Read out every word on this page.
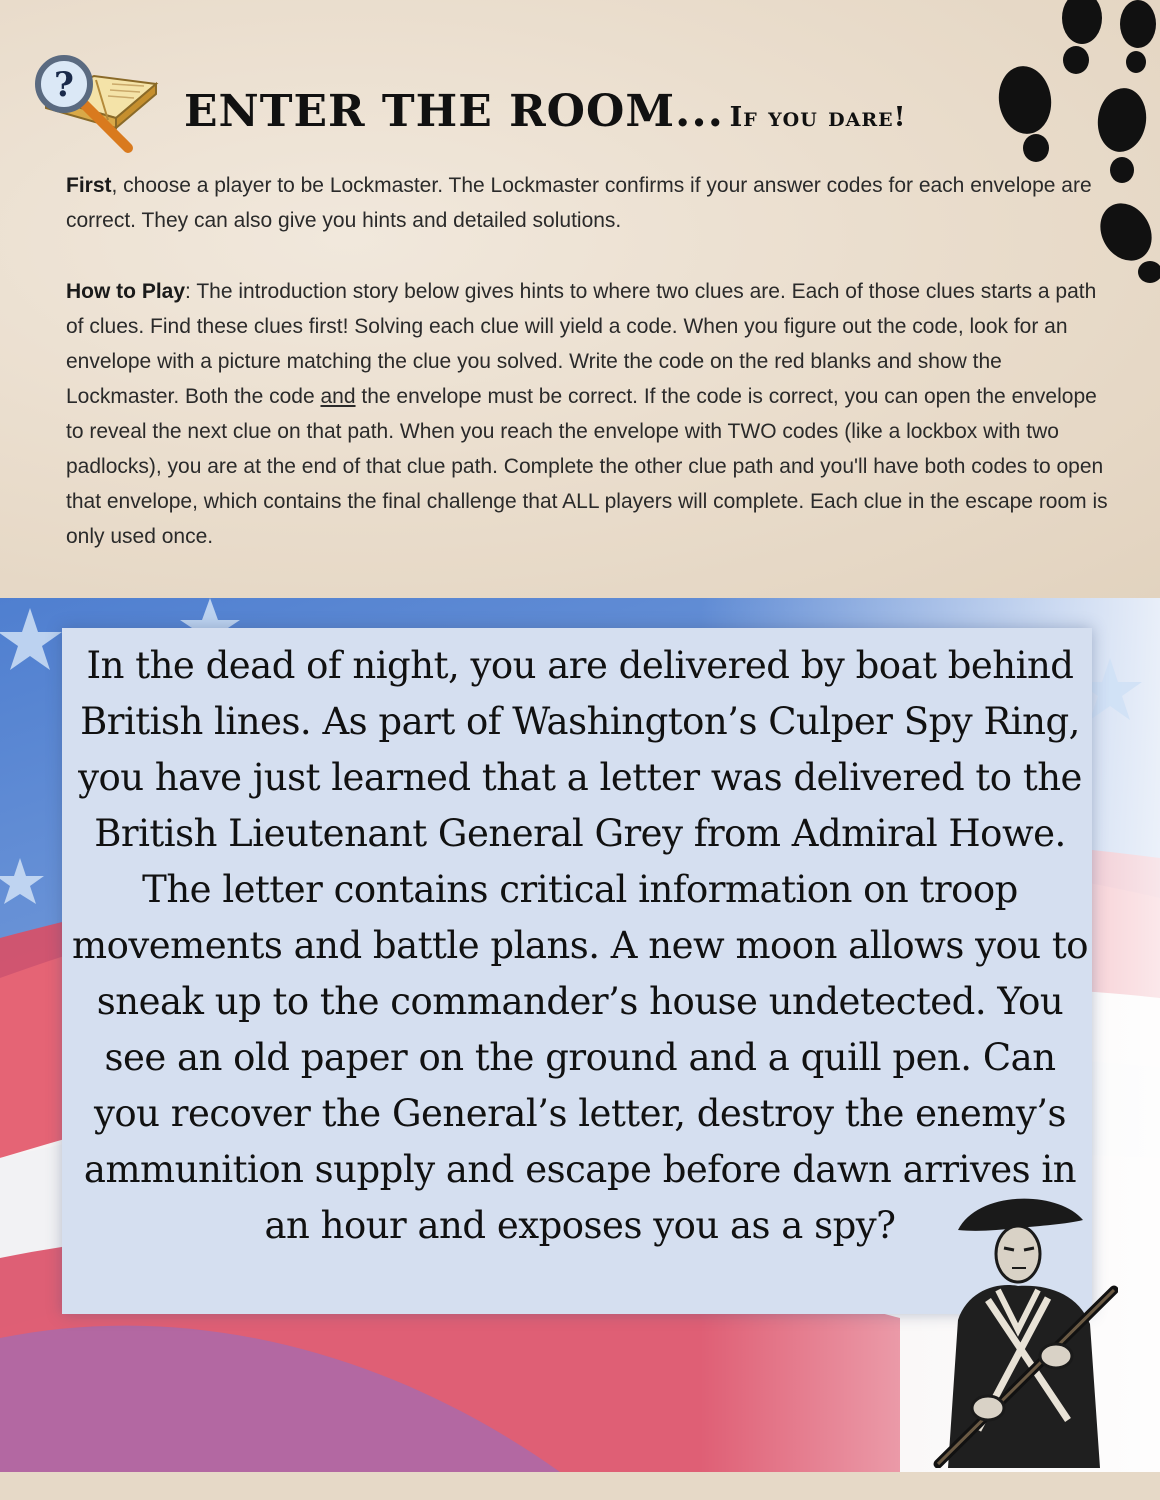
?
ENTER THE ROOM... If you dare!

First, choose a player to be Lockmaster. The Lockmaster confirms if your answer codes for each envelope are correct. They can also give you hints and detailed solutions.

How to Play: The introduction story below gives hints to where two clues are. Each of those clues starts a path of clues. Find these clues first! Solving each clue will yield a code. When you figure out the code, look for an envelope with a picture matching the clue you solved. Write the code on the red blanks and show the Lockmaster. Both the code and the envelope must be correct. If the code is correct, you can open the envelope to reveal the next clue on that path. When you reach the envelope with TWO codes (like a lockbox with two padlocks), you are at the end of that clue path. Complete the other clue path and you'll have both codes to open that envelope, which contains the final challenge that ALL players will complete. Each clue in the escape room is only used once.

In the dead of night, you are delivered by boat behind British lines. As part of Washington’s Culper Spy Ring, you have just learned that a letter was delivered to the British Lieutenant General Grey from Admiral Howe. The letter contains critical information on troop movements and battle plans. A new moon allows you to sneak up to the commander’s house undetected. You see an old paper on the ground and a quill pen. Can you recover the General’s letter, destroy the enemy’s ammunition supply and escape before dawn arrives in an hour and exposes you as a spy?
